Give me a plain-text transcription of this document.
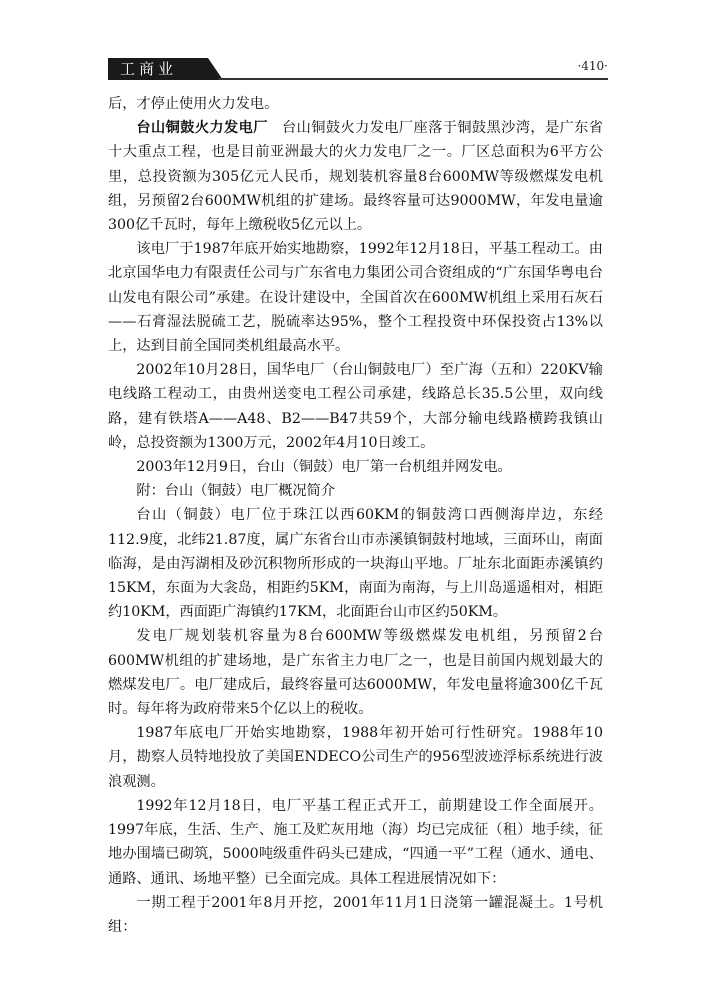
工商业	·410·

后，才停止使用火力发电。

台山铜鼓火力发电厂 台山铜鼓火力发电厂座落于铜鼓黑沙湾，是广东省十大重点工程，也是目前亚洲最大的火力发电厂之一。厂区总面积为6平方公里，总投资额为305亿元人民币，规划装机容量8台600MW等级燃煤发电机组，另预留2台600MW机组的扩建场。最终容量可达9000MW，年发电量逾300亿千瓦时，每年上缴税收5亿元以上。

该电厂于1987年底开始实地勘察，1992年12月18日，平基工程动工。由北京国华电力有限责任公司与广东省电力集团公司合资组成的“广东国华粤电台山发电有限公司”承建。在设计建设中，全国首次在600MW机组上采用石灰石——石膏湿法脱硫工艺，脱硫率达95%，整个工程投资中环保投资占13%以上，达到目前全国同类机组最高水平。

2002年10月28日，国华电厂（台山铜鼓电厂）至广海（五和）220KV输电线路工程动工，由贵州送变电工程公司承建，线路总长35.5公里，双向线路，建有铁塔A——A48、B2——B47共59个，大部分输电线路横跨我镇山岭，总投资额为1300万元，2002年4月10日竣工。

2003年12月9日，台山（铜鼓）电厂第一台机组并网发电。

附：台山（铜鼓）电厂概况简介

台山（铜鼓）电厂位于珠江以西60KM的铜鼓湾口西侧海岸边，东经112.9度，北纬21.87度，属广东省台山市赤溪镇铜鼓村地域，三面环山，南面临海，是由泻湖相及砂沉积物所形成的一块海山平地。厂址东北面距赤溪镇约15KM，东面为大衾岛，相距约5KM，南面为南海，与上川岛遥遥相对，相距约10KM，西面距广海镇约17KM，北面距台山市区约50KM。

发电厂规划装机容量为8台600MW等级燃煤发电机组，另预留2台600MW机组的扩建场地，是广东省主力电厂之一，也是目前国内规划最大的燃煤发电厂。电厂建成后，最终容量可达6000MW，年发电量将逾300亿千瓦时。每年将为政府带来5个亿以上的税收。

1987年底电厂开始实地勘察，1988年初开始可行性研究。1988年10月，勘察人员特地投放了美国ENDECO公司生产的956型波迹浮标系统进行波浪观测。

1992年12月18日，电厂平基工程正式开工，前期建设工作全面展开。1997年底，生活、生产、施工及贮灰用地（海）均已完成征（租）地手续，征地办围墙已砌筑，5000吨级重件码头已建成，“四通一平”工程（通水、通电、通路、通讯、场地平整）已全面完成。具体工程进展情况如下：

一期工程于2001年8月开挖，2001年11月1日浇第一罐混凝土。1号机组：
